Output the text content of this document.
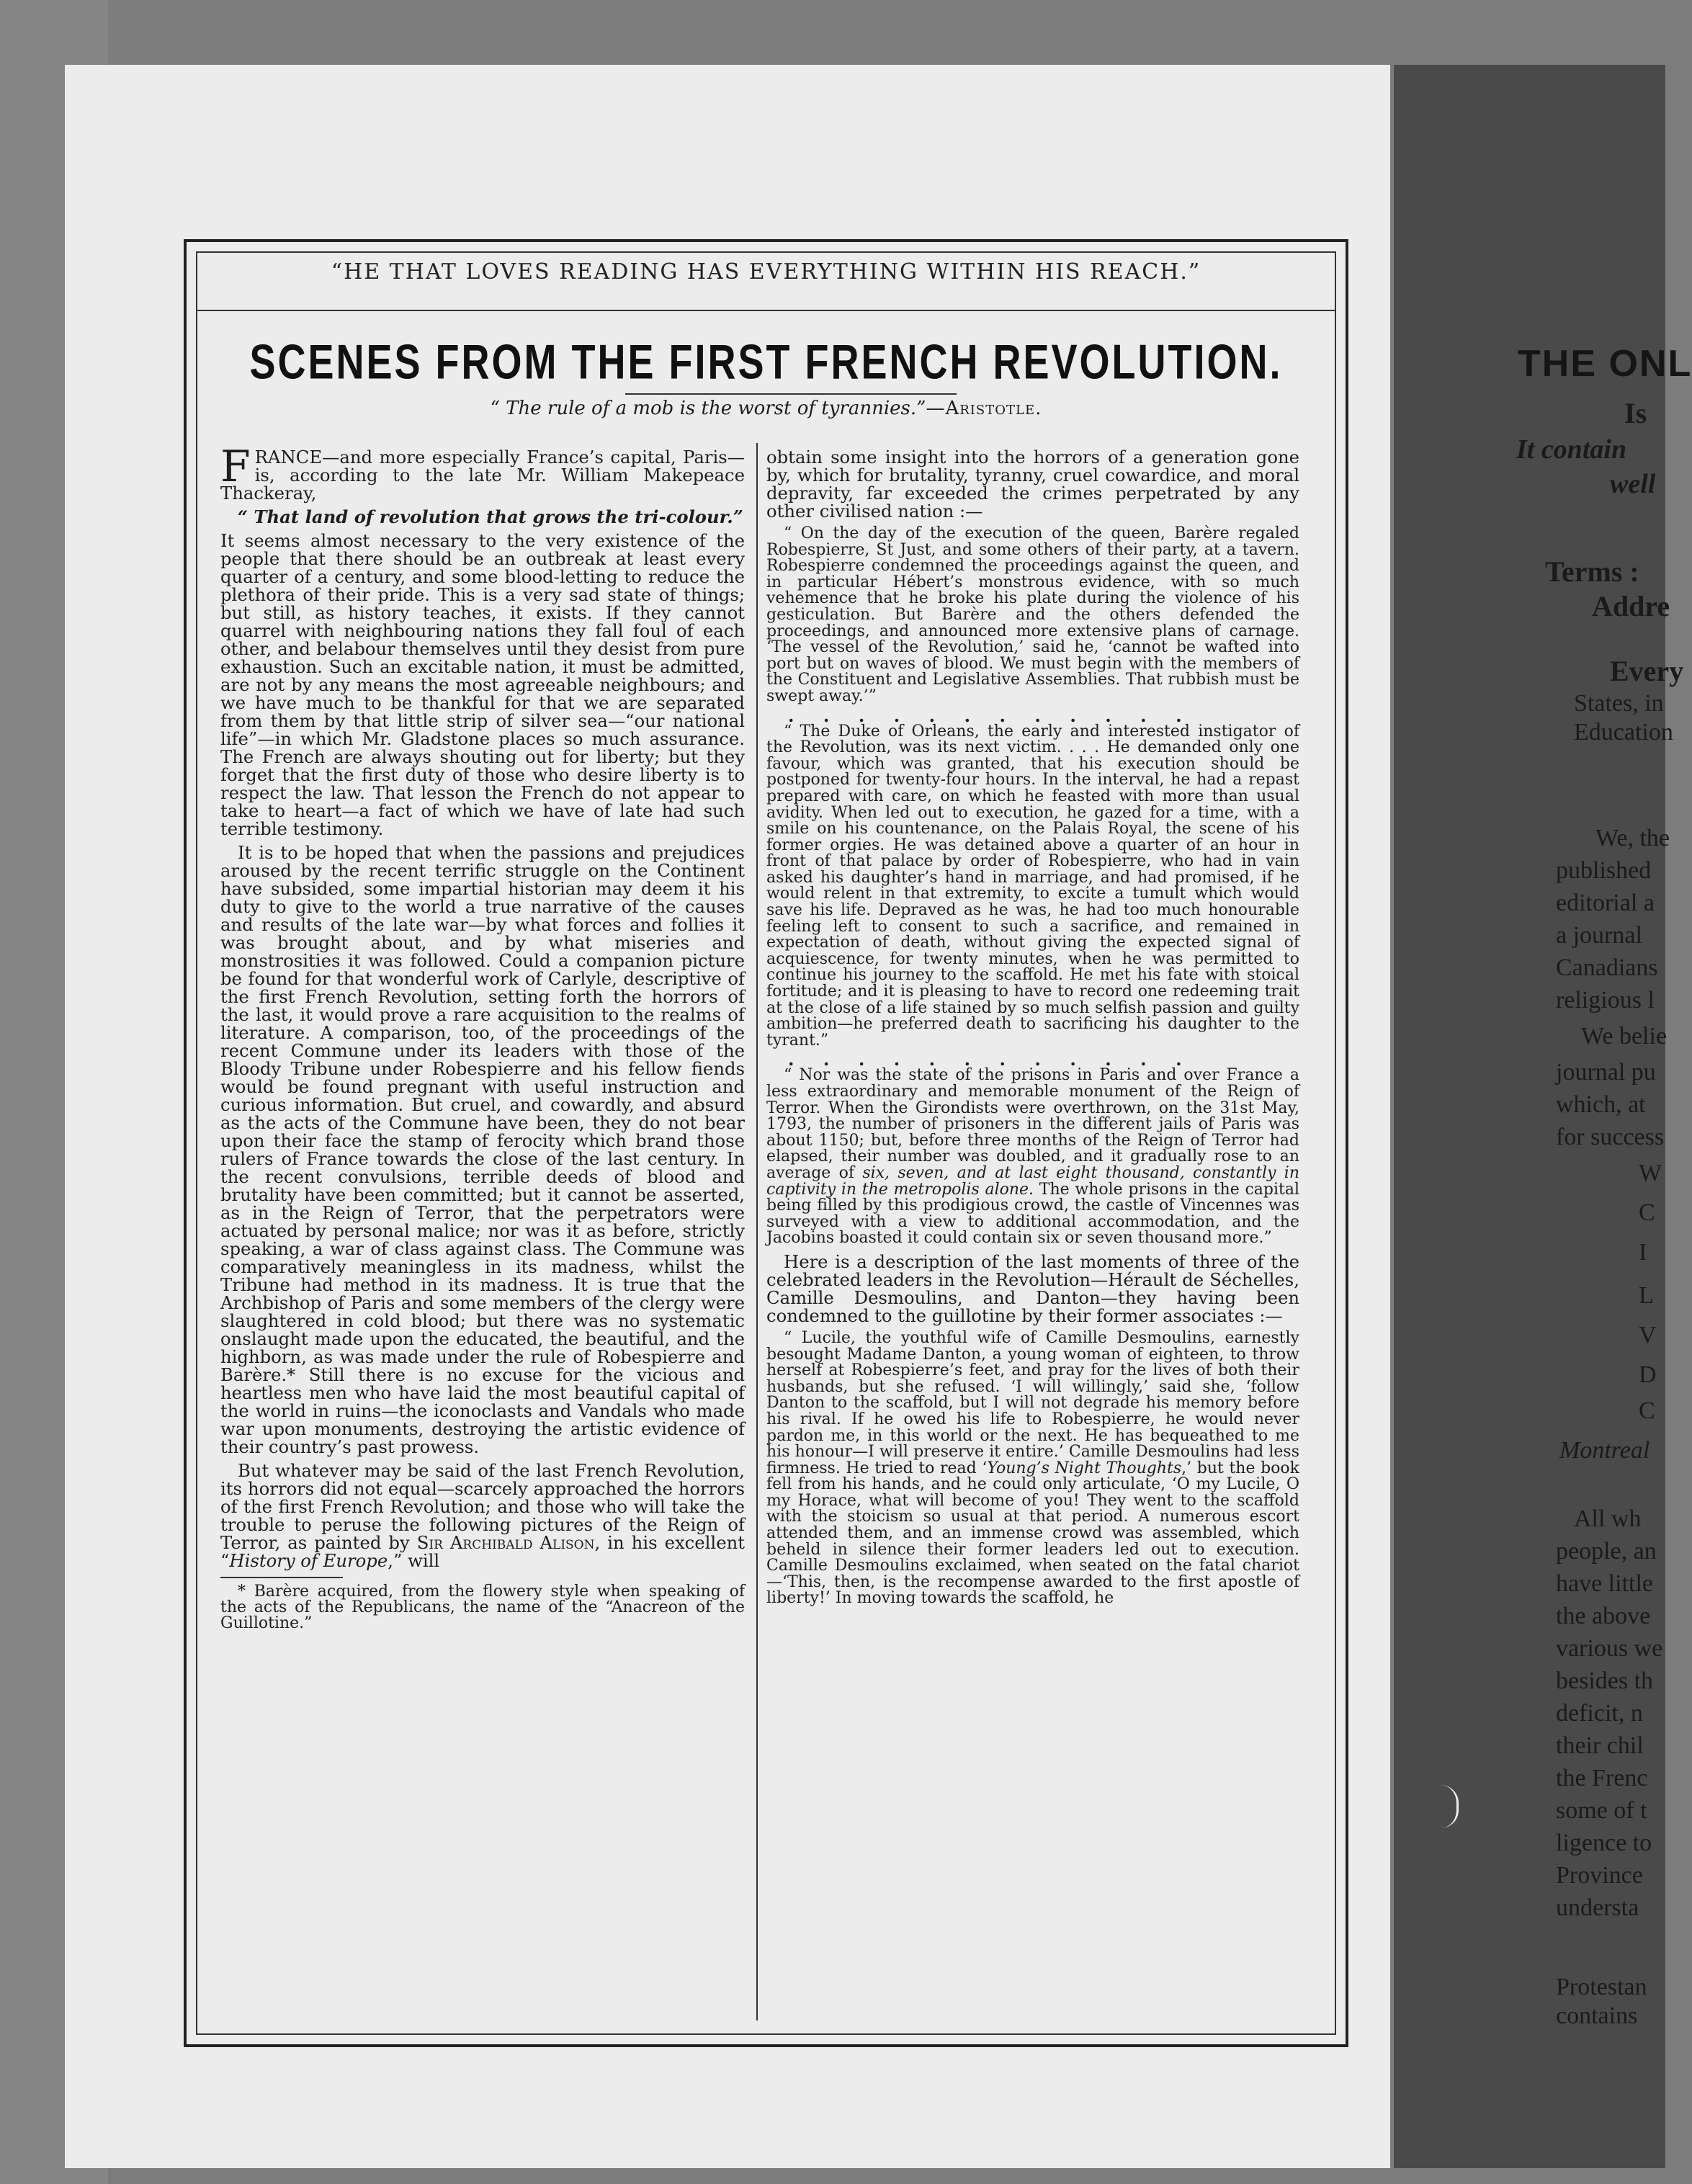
THE ONL
Is
It contain
well
Terms :
Addre
Every
States, in
Education
We, the
published
editorial a
a journal
Canadians
religious l
We belie
journal pu
which, at
for success
W
C
I
L
V
D
C
Montreal
All wh
people, an
have little
the above
various we
besides th
deficit, n
their chil
the Frenc
some of t
ligence to
Province
understa
Protestan
contains
“HE THAT LOVES READING HAS EVERYTHING WITHIN HIS REACH.”
SCENES FROM THE FIRST FRENCH REVOLUTION.
“ The rule of a mob is the worst of tyrannies.”—Aristotle.

FRANCE—and more especially France’s capital, Paris—is, according to the late Mr. William Makepeace Thackeray,

“ That land of revolution that grows the tri-colour.”

It seems almost necessary to the very existence of the people that there should be an outbreak at least every quarter of a century, and some blood-letting to reduce the plethora of their pride. This is a very sad state of things; but still, as history teaches, it exists. If they cannot quarrel with neighbouring nations they fall foul of each other, and belabour themselves until they desist from pure exhaustion. Such an excitable nation, it must be admitted, are not by any means the most agreeable neighbours; and we have much to be thankful for that we are separated from them by that little strip of silver sea—“our national life”—in which Mr. Gladstone places so much assurance. The French are always shouting out for liberty; but they forget that the first duty of those who desire liberty is to respect the law. That lesson the French do not appear to take to heart—a fact of which we have of late had such terrible testimony.

It is to be hoped that when the passions and prejudices aroused by the recent terrific struggle on the Continent have subsided, some impartial historian may deem it his duty to give to the world a true narrative of the causes and results of the late war—by what forces and follies it was brought about, and by what miseries and monstrosities it was followed. Could a companion picture be found for that wonderful work of Carlyle, descriptive of the first French Revolution, setting forth the horrors of the last, it would prove a rare acquisition to the realms of literature. A comparison, too, of the proceedings of the recent Commune under its leaders with those of the Bloody Tribune under Robespierre and his fellow fiends would be found pregnant with useful instruction and curious information. But cruel, and cowardly, and absurd as the acts of the Commune have been, they do not bear upon their face the stamp of ferocity which brand those rulers of France towards the close of the last century. In the recent convulsions, terrible deeds of blood and brutality have been committed; but it cannot be asserted, as in the Reign of Terror, that the perpetrators were actuated by personal malice; nor was it as before, strictly speaking, a war of class against class. The Commune was comparatively meaningless in its madness, whilst the Tribune had method in its madness. It is true that the Archbishop of Paris and some members of the clergy were slaughtered in cold blood; but there was no systematic onslaught made upon the educated, the beautiful, and the highborn, as was made under the rule of Robespierre and Barère.* Still there is no excuse for the vicious and heartless men who have laid the most beautiful capital of the world in ruins—the iconoclasts and Vandals who made war upon monuments, destroying the artistic evidence of their country’s past prowess.

But whatever may be said of the last French Revolution, its horrors did not equal—scarcely approached the horrors of the first French Revolution; and those who will take the trouble to peruse the following pictures of the Reign of Terror, as painted by Sir Archibald Alison, in his excellent “History of Europe,” will

* Barère acquired, from the flowery style when speaking of the acts of the Republicans, the name of the “Anacreon of the Guillotine.”

obtain some insight into the horrors of a generation gone by, which for brutality, tyranny, cruel cowardice, and moral depravity, far exceeded the crimes perpetrated by any other civilised nation :—

“ On the day of the execution of the queen, Barère regaled Robespierre, St Just, and some others of their party, at a tavern. Robespierre condemned the proceedings against the queen, and in particular Hébert’s monstrous evidence, with so much vehemence that he broke his plate during the violence of his gesticulation. But Barère and the others defended the proceedings, and announced more extensive plans of carnage. ‘The vessel of the Revolution,’ said he, ‘cannot be wafted into port but on waves of blood. We must begin with the members of the Constituent and Legislative Assemblies. That rubbish must be swept away.’”

. . . . . . . . . . . .

“ The Duke of Orleans, the early and interested instigator of the Revolution, was its next victim. . . . He demanded only one favour, which was granted, that his execution should be postponed for twenty-four hours. In the interval, he had a repast prepared with care, on which he feasted with more than usual avidity. When led out to execution, he gazed for a time, with a smile on his countenance, on the Palais Royal, the scene of his former orgies. He was detained above a quarter of an hour in front of that palace by order of Robespierre, who had in vain asked his daughter’s hand in marriage, and had promised, if he would relent in that extremity, to excite a tumult which would save his life. Depraved as he was, he had too much honourable feeling left to consent to such a sacrifice, and remained in expectation of death, without giving the expected signal of acquiescence, for twenty minutes, when he was permitted to continue his journey to the scaffold. He met his fate with stoical fortitude; and it is pleasing to have to record one redeeming trait at the close of a life stained by so much selfish passion and guilty ambition—he preferred death to sacrificing his daughter to the tyrant.”

. . . . . . . . . . . .

“ Nor was the state of the prisons in Paris and over France a less extraordinary and memorable monument of the Reign of Terror. When the Girondists were overthrown, on the 31st May, 1793, the number of prisoners in the different jails of Paris was about 1150; but, before three months of the Reign of Terror had elapsed, their number was doubled, and it gradually rose to an average of six, seven, and at last eight thousand, constantly in captivity in the metropolis alone. The whole prisons in the capital being filled by this prodigious crowd, the castle of Vincennes was surveyed with a view to additional accommodation, and the Jacobins boasted it could contain six or seven thousand more.”

Here is a description of the last moments of three of the celebrated leaders in the Revolution—Hérault de Séchelles, Camille Desmoulins, and Danton—they having been condemned to the guillotine by their former associates :—

“ Lucile, the youthful wife of Camille Desmoulins, earnestly besought Madame Danton, a young woman of eighteen, to throw herself at Robespierre’s feet, and pray for the lives of both their husbands, but she refused. ‘I will willingly,’ said she, ‘follow Danton to the scaffold, but I will not degrade his memory before his rival. If he owed his life to Robespierre, he would never pardon me, in this world or the next. He has bequeathed to me his honour—I will preserve it entire.’ Camille Desmoulins had less firmness. He tried to read ‘Young’s Night Thoughts,’ but the book fell from his hands, and he could only articulate, ‘O my Lucile, O my Horace, what will become of you! They went to the scaffold with the stoicism so usual at that period. A numerous escort attended them, and an immense crowd was assembled, which beheld in silence their former leaders led out to execution. Camille Desmoulins exclaimed, when seated on the fatal chariot —‘This, then, is the recompense awarded to the first apostle of liberty!’ In moving towards the scaffold, he
